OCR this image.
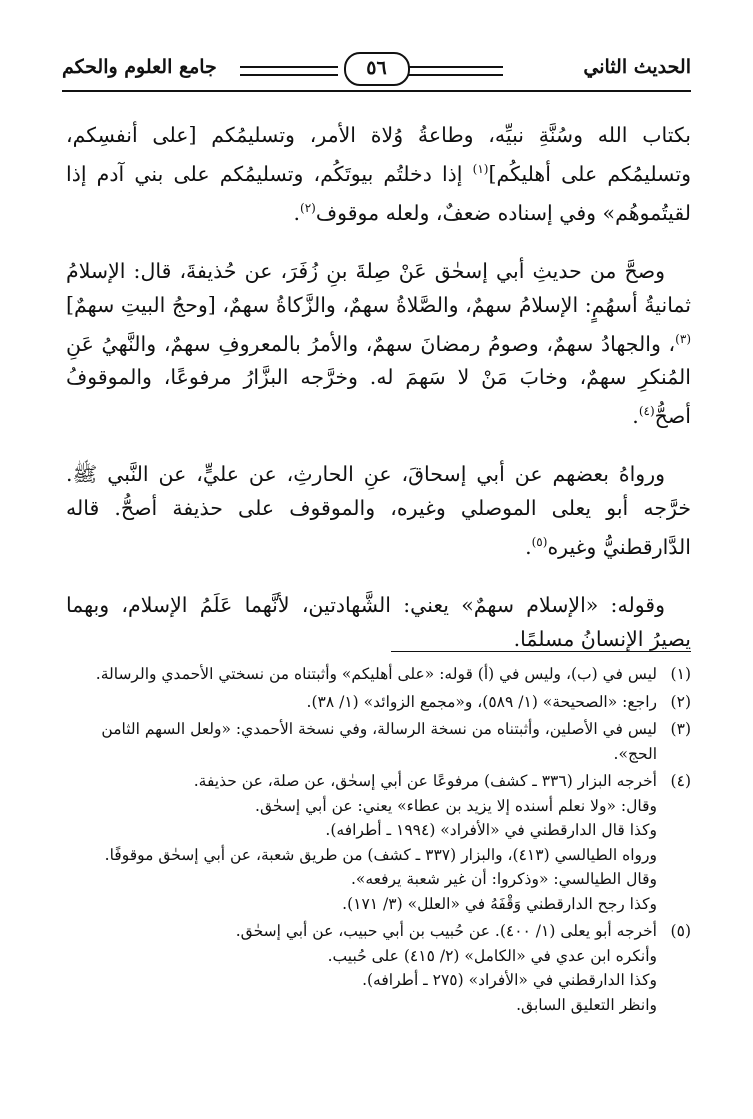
الحديث الثاني
٥٦
جامع العلوم والحكم

بكتاب الله وسُنَّةِ نبيِّه، وطاعةُ وُلاة الأمر، وتسليمُكم [على أنفسِكم، وتسليمُكم على أهليكُم]$^{(١)}$ إذا دخلتُم بيوتَكُم، وتسليمُكم على بني آدم إذا لقيتُموهُم» وفي إسناده ضعفٌ، ولعله موقوف$^{(٢)}$.

وصحَّ من حديثِ أبي إسحٰق عَنْ صِلةَ بنِ زُفَرَ، عن حُذيفةَ، قال: الإسلامُ ثمانيةُ أسهُمٍ: الإسلامُ سهمٌ، والصَّلاةُ سهمٌ، والزَّكاةُ سهمٌ، [وحجُ البيتِ سهمٌ]$^{(٣)}$، والجهادُ سهمٌ، وصومُ رمضانَ سهمٌ، والأمرُ بالمعروفِ سهمٌ، والنَّهيُ عَنِ المُنكرِ سهمٌ، وخابَ مَنْ لا سَهمَ له. وخرَّجه البزَّارُ مرفوعًا، والموقوفُ أصحُّ$^{(٤)}$.

ورواهُ بعضهم عن أبي إسحاقَ، عنِ الحارثِ، عن عليٍّ، عن النَّبي ﷺ. خرَّجه أبو يعلى الموصلي وغيره، والموقوف على حذيفة أصحُّ. قاله الدَّارقطنيُّ وغيره$^{(٥)}$.

وقوله: «الإسلام سهمٌ» يعني: الشَّهادتين، لأنَّهما عَلَمُ الإسلام، وبهما يصيرُ الإنسانُ مسلمًا.

(١)
ليس في (ب)، وليس في (أ) قوله: «على أهليكم» وأثبتناه من نسختي الأحمدي والرسالة.
(٢)
راجع: «الصحيحة» (١/ ٥٨٩)، و«مجمع الزوائد» (١/ ٣٨).
(٣)
ليس في الأصلين، وأثبتناه من نسخة الرسالة، وفي نسخة الأحمدي: «ولعل السهم الثامن الحج».
(٤)
أخرجه البزار (٣٣٦ ـ كشف) مرفوعًا عن أبي إسحٰق، عن صلة، عن حذيفة.
وقال: «ولا نعلم أسنده إلا يزيد بن عطاء» يعني: عن أبي إسحٰق.
وكذا قال الدارقطني في «الأفراد» (١٩٩٤ ـ أطرافه).
ورواه الطيالسي (٤١٣)، والبزار (٣٣٧ ـ كشف) من طريق شعبة، عن أبي إسحٰق موقوفًا.
وقال الطيالسي: «وذكروا: أن غير شعبة يرفعه».
وكذا رجح الدارقطني وَقْفَهُ في «العلل» (٣/ ١٧١).
(٥)
أخرجه أبو يعلى (١/ ٤٠٠). عن حُبيب بن أبي حبيب، عن أبي إسحٰق.
وأنكره ابن عدي في «الكامل» (٢/ ٤١٥) على حُبيب.
وكذا الدارقطني في «الأفراد» (٢٧٥ ـ أطرافه).
وانظر التعليق السابق.
